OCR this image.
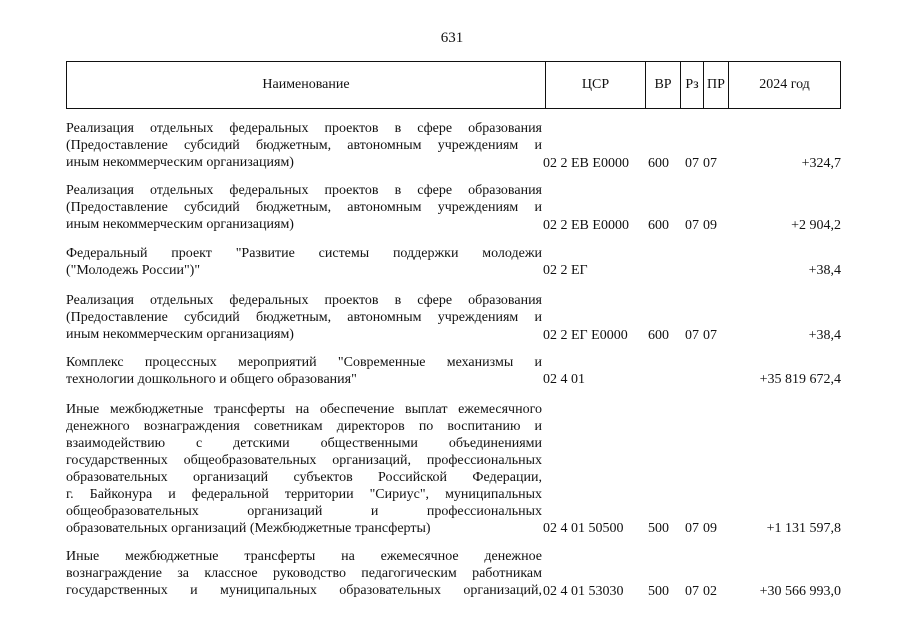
631
Наименование	ЦСР	ВР Рз ПР	2024 год
Реализация отдельных федеральных проектов в сфере образования
(Предоставление субсидий бюджетным, автономным учреждениям и
иным некоммерческим организациям)	02 2 EB E0000 600 07 07	+324,7
Реализация отдельных федеральных проектов в сфере образования
(Предоставление субсидий бюджетным, автономным учреждениям и
иным некоммерческим организациям)	02 2 EB E0000 600 07 09	+2 904,2
Федеральный проект "Развитие системы поддержки молодежи
("Молодежь России")"	02 2 EГ	+38,4
Реализация отдельных федеральных проектов в сфере образования
(Предоставление субсидий бюджетным, автономным учреждениям и
иным некоммерческим организациям)	02 2 EГ E0000 600 07 07	+38,4
Комплекс процессных мероприятий "Современные механизмы и
технологии дошкольного и общего образования"	02 4 01	+35 819 672,4
Иные межбюджетные трансферты на обеспечение выплат ежемесячного
денежного вознаграждения советникам директоров по воспитанию и
взаимодействию с детскими общественными объединениями
государственных общеобразовательных организаций, профессиональных
образовательных организаций субъектов Российской Федерации,
г. Байконура и федеральной территории "Сириус", муниципальных
общеобразовательных организаций и профессиональных
образовательных организаций (Межбюджетные трансферты)	02 4 01 50500 500 07 09	+1 131 597,8
Иные межбюджетные трансферты на ежемесячное денежное
вознаграждение за классное руководство педагогическим работникам
государственных и муниципальных образовательных организаций, 02 4 01 53030 500 07 02	+30 566 993,0
